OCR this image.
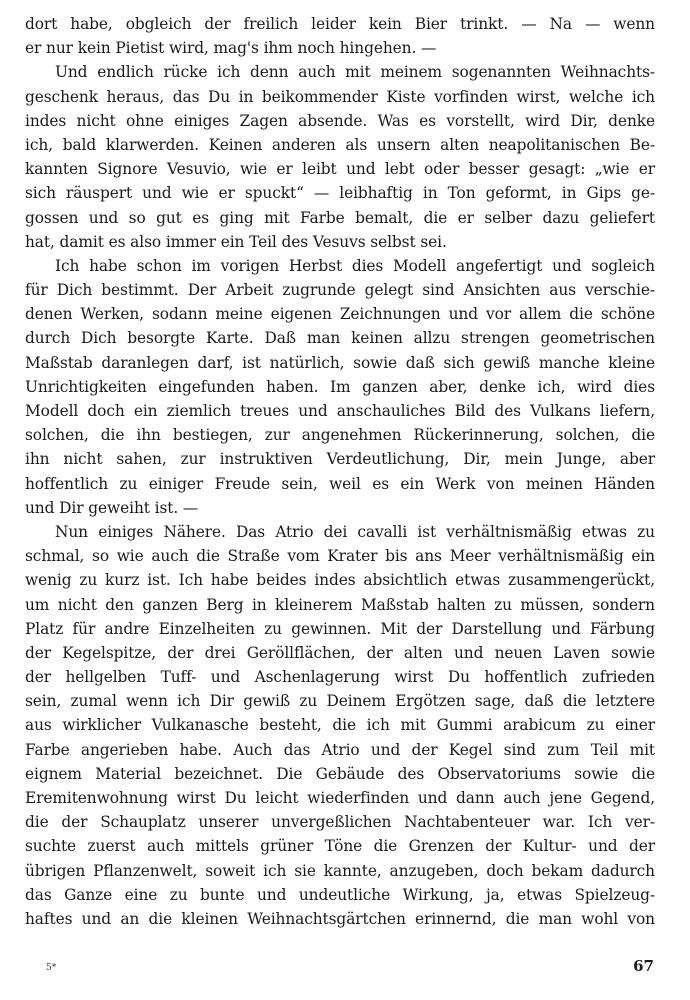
dort habe, obgleich der freilich leider kein Bier trinkt. — Na — wenn
er nur kein Pietist wird, mag's ihm noch hingehen. —
Und endlich rücke ich denn auch mit meinem sogenannten Weihnachts-
geschenk heraus, das Du in beikommender Kiste vorfinden wirst, welche ich
indes nicht ohne einiges Zagen absende. Was es vorstellt, wird Dir, denke
ich, bald klarwerden. Keinen anderen als unsern alten neapolitanischen Be-
kannten Signore Vesuvio, wie er leibt und lebt oder besser gesagt: „wie er
sich räuspert und wie er spuckt“ — leibhaftig in Ton geformt, in Gips ge-
gossen und so gut es ging mit Farbe bemalt, die er selber dazu geliefert
hat, damit es also immer ein Teil des Vesuvs selbst sei.
Ich habe schon im vorigen Herbst dies Modell angefertigt und sogleich
für Dich bestimmt. Der Arbeit zugrunde gelegt sind Ansichten aus verschie-
denen Werken, sodann meine eigenen Zeichnungen und vor allem die schöne
durch Dich besorgte Karte. Daß man keinen allzu strengen geometrischen
Maßstab daranlegen darf, ist natürlich, sowie daß sich gewiß manche kleine
Unrichtigkeiten eingefunden haben. Im ganzen aber, denke ich, wird dies
Modell doch ein ziemlich treues und anschauliches Bild des Vulkans liefern,
solchen, die ihn bestiegen, zur angenehmen Rückerinnerung, solchen, die
ihn nicht sahen, zur instruktiven Verdeutlichung, Dir, mein Junge, aber
hoffentlich zu einiger Freude sein, weil es ein Werk von meinen Händen
und Dir geweiht ist. —
Nun einiges Nähere. Das Atrio dei cavalli ist verhältnismäßig etwas zu
schmal, so wie auch die Straße vom Krater bis ans Meer verhältnismäßig ein
wenig zu kurz ist. Ich habe beides indes absichtlich etwas zusammengerückt,
um nicht den ganzen Berg in kleinerem Maßstab halten zu müssen, sondern
Platz für andre Einzelheiten zu gewinnen. Mit der Darstellung und Färbung
der Kegelspitze, der drei Geröllflächen, der alten und neuen Laven sowie
der hellgelben Tuff- und Aschenlagerung wirst Du hoffentlich zufrieden
sein, zumal wenn ich Dir gewiß zu Deinem Ergötzen sage, daß die letztere
aus wirklicher Vulkanasche besteht, die ich mit Gummi arabicum zu einer
Farbe angerieben habe. Auch das Atrio und der Kegel sind zum Teil mit
eignem Material bezeichnet. Die Gebäude des Observatoriums sowie die
Eremitenwohnung wirst Du leicht wiederfinden und dann auch jene Gegend,
die der Schauplatz unserer unvergeßlichen Nachtabenteuer war. Ich ver-
suchte zuerst auch mittels grüner Töne die Grenzen der Kultur- und der
übrigen Pflanzenwelt, soweit ich sie kannte, anzugeben, doch bekam dadurch
das Ganze eine zu bunte und undeutliche Wirkung, ja, etwas Spielzeug-
haftes und an die kleinen Weihnachtsgärtchen erinnernd, die man wohl von
5*	67
